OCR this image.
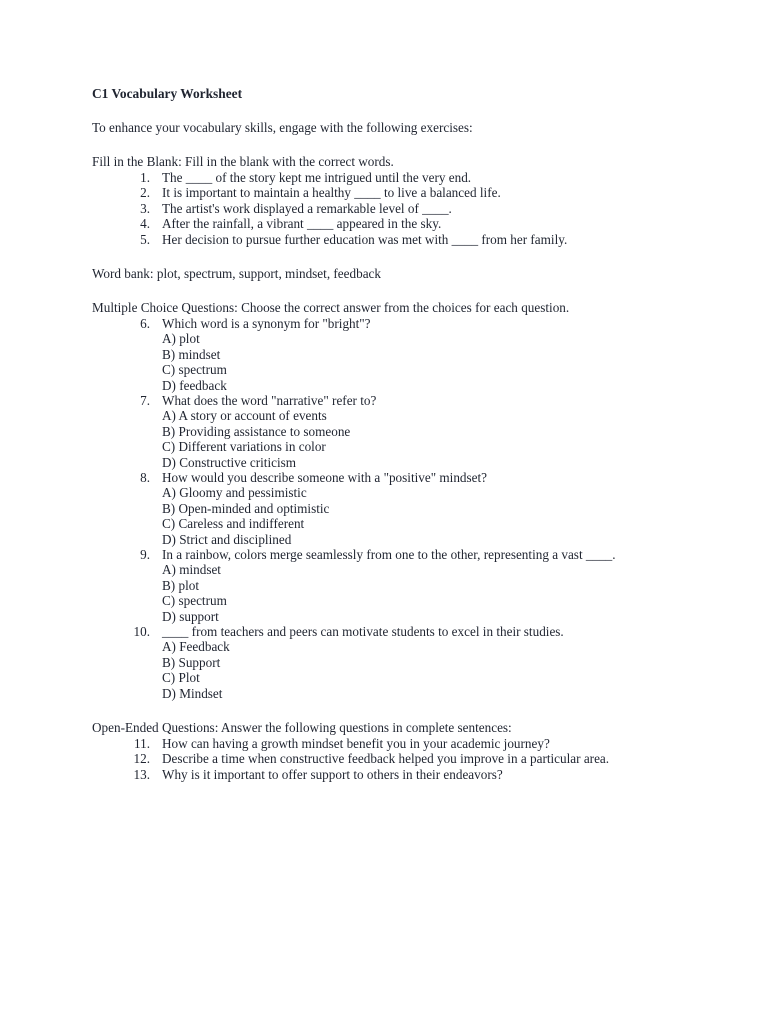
C1 Vocabulary Worksheet
To enhance your vocabulary skills, engage with the following exercises:
Fill in the Blank: Fill in the blank with the correct words.
1. The ____ of the story kept me intrigued until the very end.
2. It is important to maintain a healthy ____ to live a balanced life.
3. The artist's work displayed a remarkable level of ____.
4. After the rainfall, a vibrant ____ appeared in the sky.
5. Her decision to pursue further education was met with ____ from her family.
Word bank: plot, spectrum, support, mindset, feedback
Multiple Choice Questions: Choose the correct answer from the choices for each question.
6. Which word is a synonym for "bright"?
A) plot
B) mindset
C) spectrum
D) feedback
7. What does the word "narrative" refer to?
A) A story or account of events
B) Providing assistance to someone
C) Different variations in color
D) Constructive criticism
8. How would you describe someone with a "positive" mindset?
A) Gloomy and pessimistic
B) Open-minded and optimistic
C) Careless and indifferent
D) Strict and disciplined
9. In a rainbow, colors merge seamlessly from one to the other, representing a vast ____.
A) mindset
B) plot
C) spectrum
D) support
10. ____ from teachers and peers can motivate students to excel in their studies.
A) Feedback
B) Support
C) Plot
D) Mindset
Open-Ended Questions: Answer the following questions in complete sentences:
11. How can having a growth mindset benefit you in your academic journey?
12. Describe a time when constructive feedback helped you improve in a particular area.
13. Why is it important to offer support to others in their endeavors?
